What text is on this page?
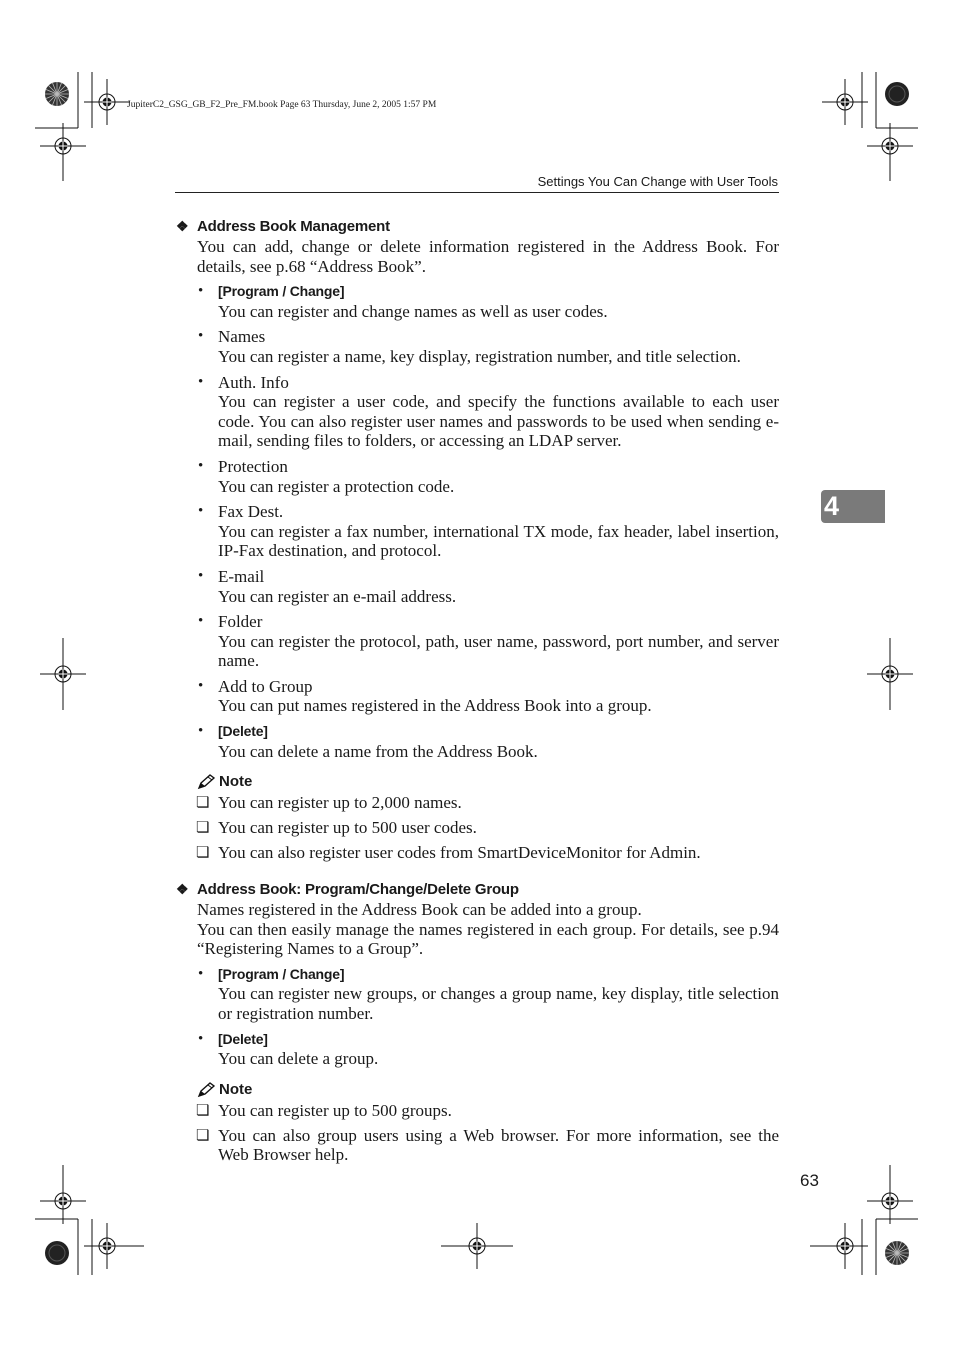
JupiterC2_GSG_GB_F2_Pre_FM.book Page 63 Thursday, June 2, 2005 1:57 PM
Settings You Can Change with User Tools
4
63
❖ Address Book Management

You can add, change or delete information registered in the Address Book. For details, see p.68 “Address Book”.

• [Program / Change]
You can register and change names as well as user codes.
• Names
You can register a name, key display, registration number, and title selection.
• Auth. Info
You can register a user code, and specify the functions available to each user code. You can also register user names and passwords to be used when sending e-mail, sending files to folders, or accessing an LDAP server.
• Protection
You can register a protection code.
• Fax Dest.
You can register a fax number, international TX mode, fax header, label insertion, IP-Fax destination, and protocol.
• E-mail
You can register an e-mail address.
• Folder
You can register the protocol, path, user name, password, port number, and server name.
• Add to Group
You can put names registered in the Address Book into a group.
• [Delete]
You can delete a name from the Address Book.
Note
❏ You can register up to 2,000 names.
❏ You can register up to 500 user codes.
❏ You can also register user codes from SmartDeviceMonitor for Admin.
❖ Address Book: Program/Change/Delete Group

Names registered in the Address Book can be added into a group.

You can then easily manage the names registered in each group. For details, see p.94 “Registering Names to a Group”.

• [Program / Change]
You can register new groups, or changes a group name, key display, title selection or registration number.
• [Delete]
You can delete a group.
Note
❏ You can register up to 500 groups.
❏ You can also group users using a Web browser. For more information, see the Web Browser help.
